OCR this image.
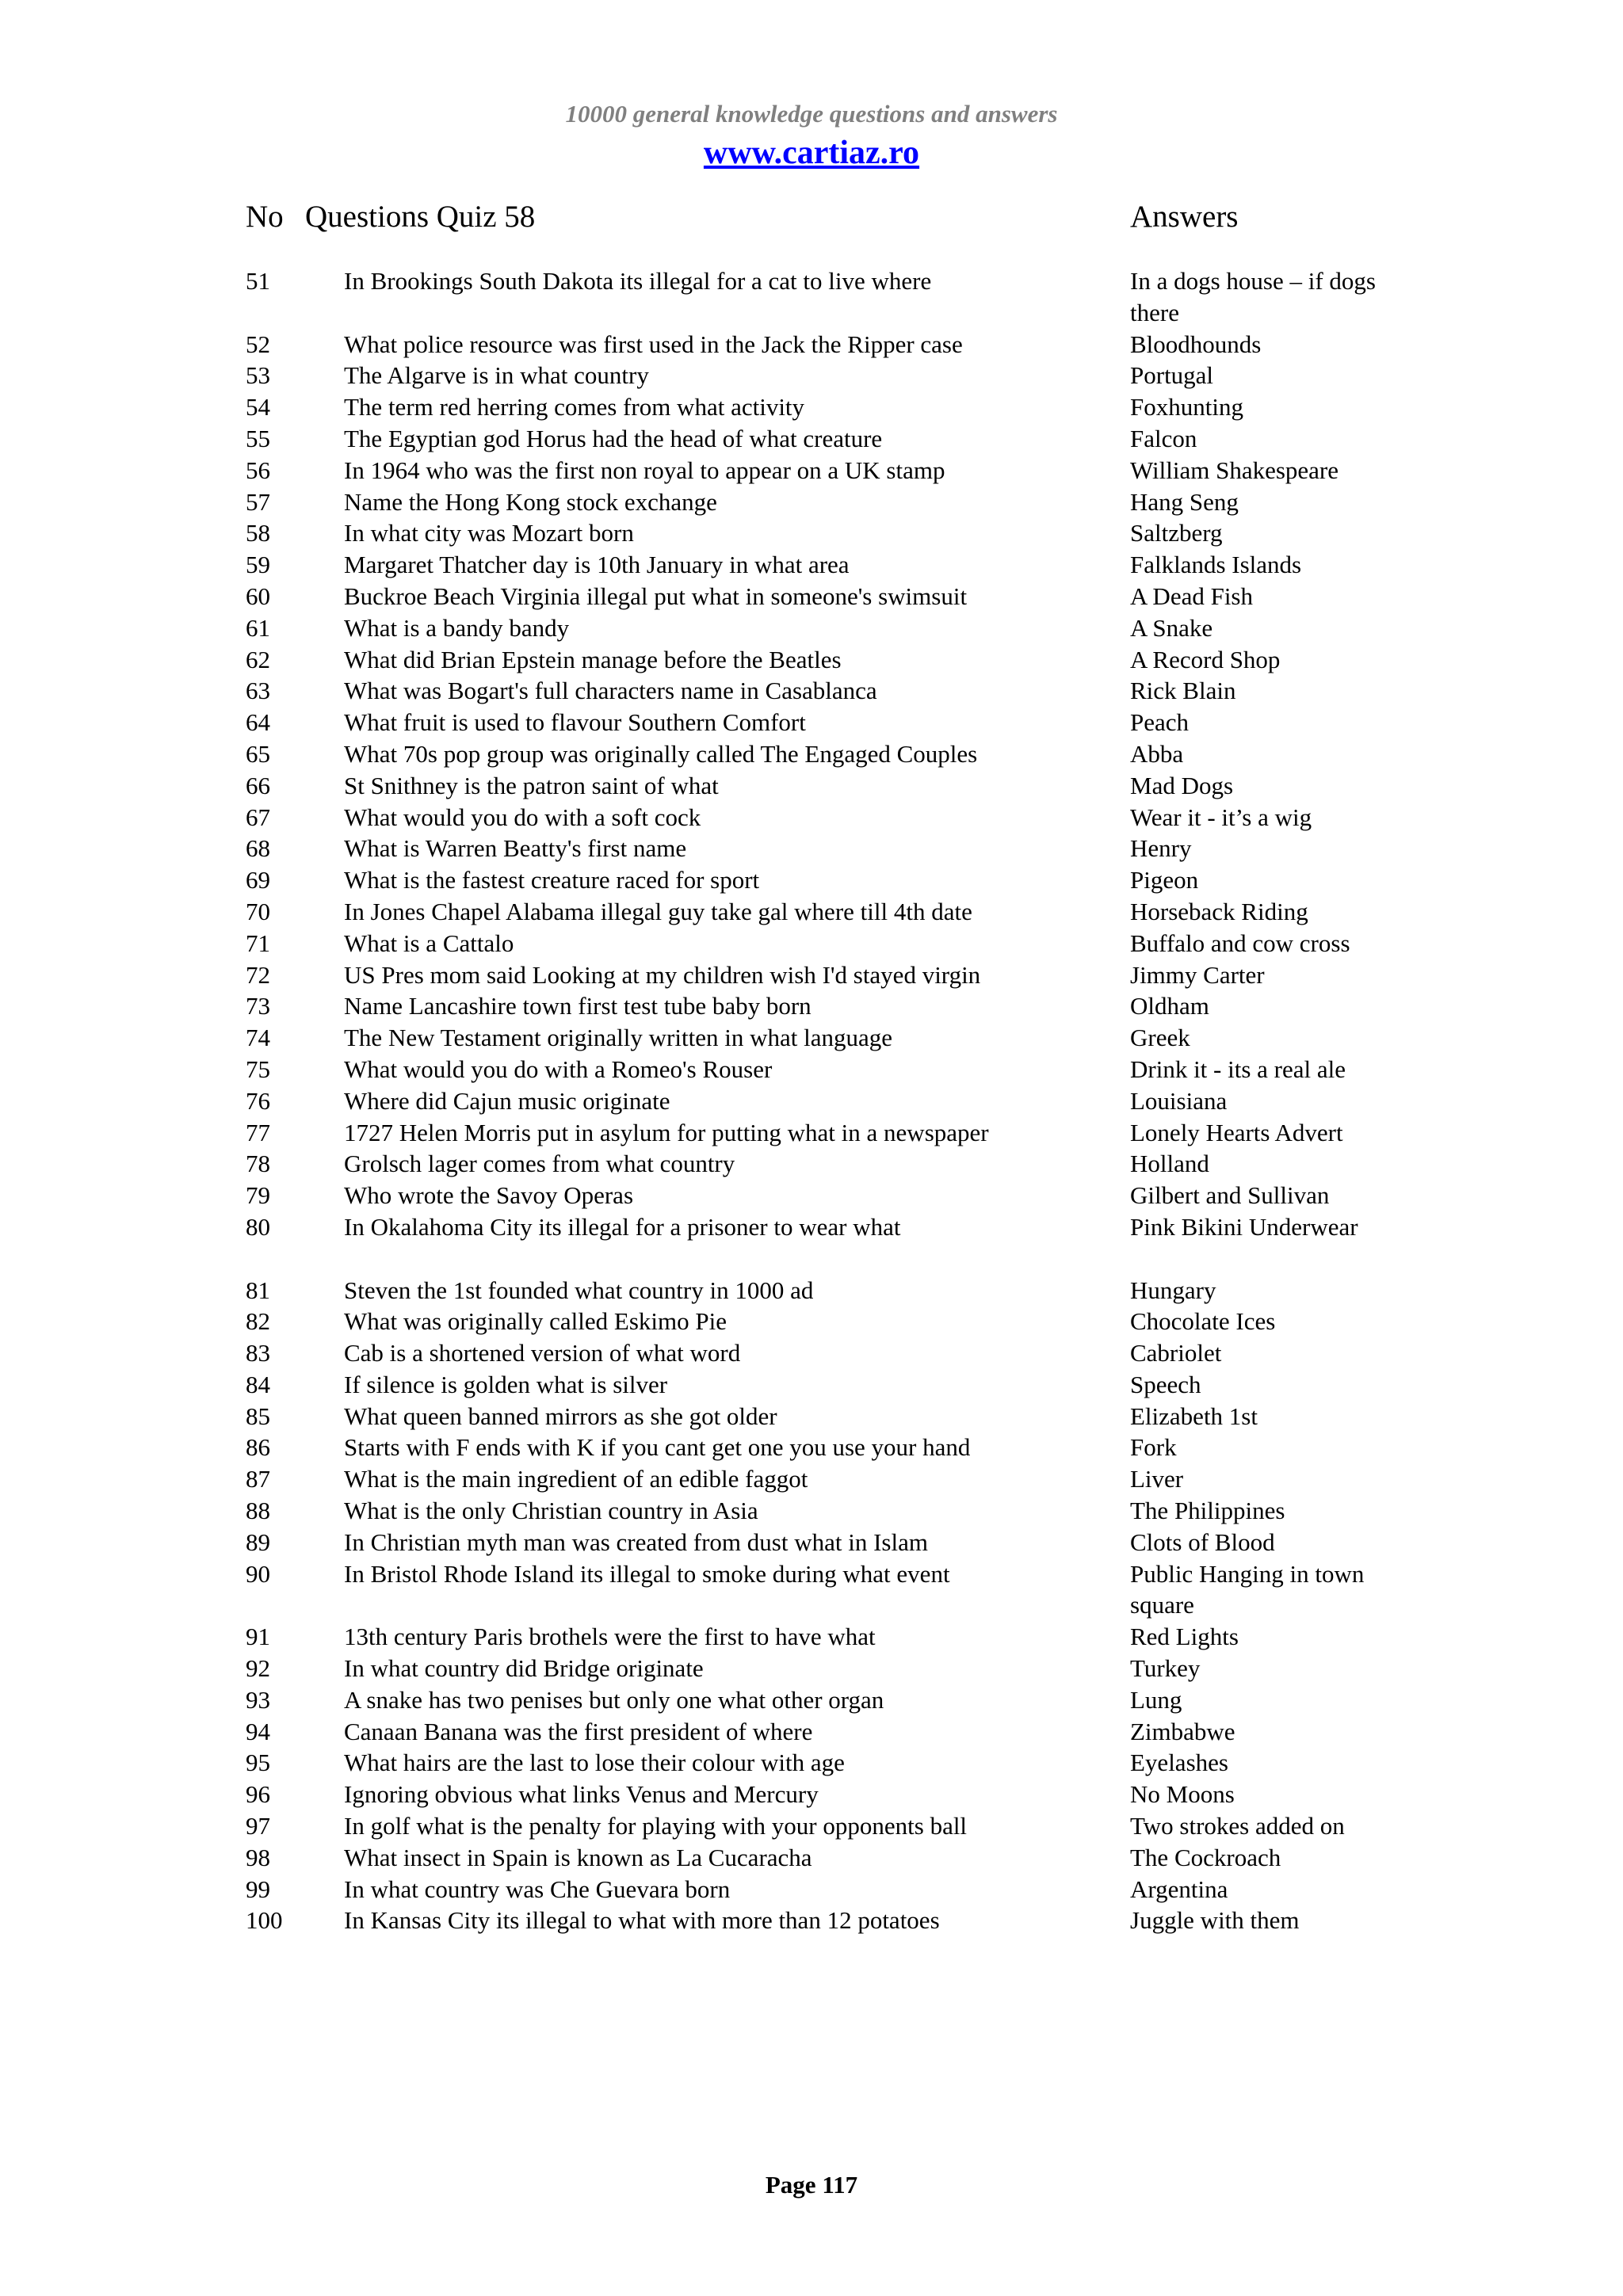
10000 general knowledge questions and answers
www.cartiaz.ro
No Questions Quiz 58	Answers
51	In Brookings South Dakota its illegal for a cat to live where	In a dogs house – if dogs there
52	What police resource was first used in the Jack the Ripper case	Bloodhounds
53	The Algarve is in what country	Portugal
54	The term red herring comes from what activity	Foxhunting
55	The Egyptian god Horus had the head of what creature	Falcon
56	In 1964 who was the first non royal to appear on a UK stamp	William Shakespeare
57	Name the Hong Kong stock exchange	Hang Seng
58	In what city was Mozart born	Saltzberg
59	Margaret Thatcher day is 10th January in what area	Falklands Islands
60	Buckroe Beach Virginia illegal put what in someone's swimsuit	A Dead Fish
61	What is a bandy bandy	A Snake
62	What did Brian Epstein manage before the Beatles	A Record Shop
63	What was Bogart's full characters name in Casablanca	Rick Blain
64	What fruit is used to flavour Southern Comfort	Peach
65	What 70s pop group was originally called The Engaged Couples	Abba
66	St Snithney is the patron saint of what	Mad Dogs
67	What would you do with a soft cock	Wear it - it’s a wig
68	What is Warren Beatty's first name	Henry
69	What is the fastest creature raced for sport	Pigeon
70	In Jones Chapel Alabama illegal guy take gal where till 4th date	Horseback Riding
71	What is a Cattalo	Buffalo and cow cross
72	US Pres mom said Looking at my children wish I'd stayed virgin	Jimmy Carter
73	Name Lancashire town first test tube baby born	Oldham
74	The New Testament originally written in what language	Greek
75	What would you do with a Romeo's Rouser	Drink it - its a real ale
76	Where did Cajun music originate	Louisiana
77	1727 Helen Morris put in asylum for putting what in a newspaper	Lonely Hearts Advert
78	Grolsch lager comes from what country	Holland
79	Who wrote the Savoy Operas	Gilbert and Sullivan
80	In Okalahoma City its illegal for a prisoner to wear what	Pink Bikini Underwear
81	Steven the 1st founded what country in 1000 ad	Hungary
82	What was originally called Eskimo Pie	Chocolate Ices
83	Cab is a shortened version of what word	Cabriolet
84	If silence is golden what is silver	Speech
85	What queen banned mirrors as she got older	Elizabeth 1st
86	Starts with F ends with K if you cant get one you use your hand	Fork
87	What is the main ingredient of an edible faggot	Liver
88	What is the only Christian country in Asia	The Philippines
89	In Christian myth man was created from dust what in Islam	Clots of Blood
90	In Bristol Rhode Island its illegal to smoke during what event	Public Hanging in town square
91	13th century Paris brothels were the first to have what	Red Lights
92	In what country did Bridge originate	Turkey
93	A snake has two penises but only one what other organ	Lung
94	Canaan Banana was the first president of where	Zimbabwe
95	What hairs are the last to lose their colour with age	Eyelashes
96	Ignoring obvious what links Venus and Mercury	No Moons
97	In golf what is the penalty for playing with your opponents ball	Two strokes added on
98	What insect in Spain is known as La Cucaracha	The Cockroach
99	In what country was Che Guevara born	Argentina
100	In Kansas City its illegal to what with more than 12 potatoes	Juggle with them
Page 117
